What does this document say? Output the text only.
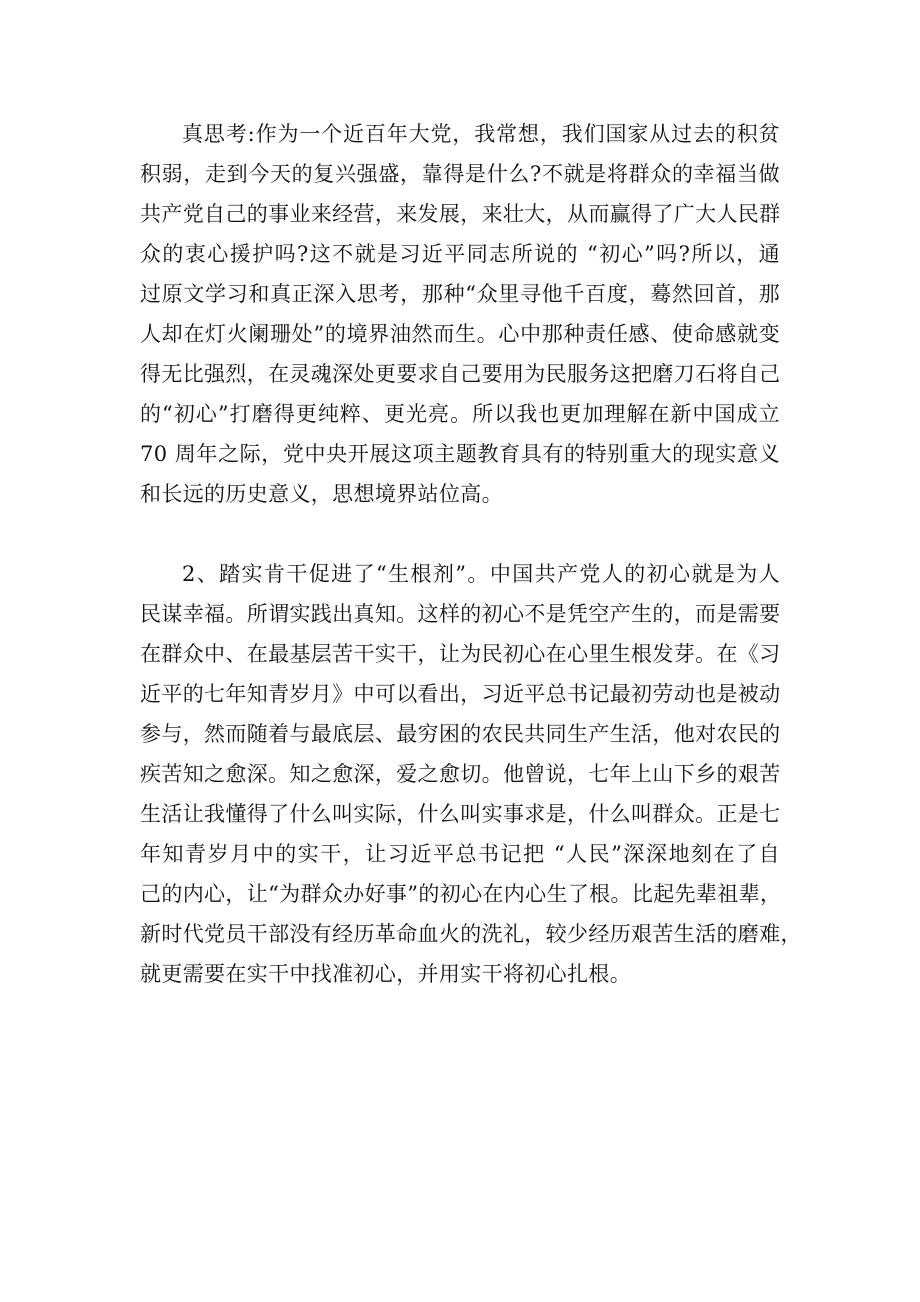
真思考:作为一个近百年大党，我常想，我们国家从过去的积贫
积弱，走到今天的复兴强盛，靠得是什么?不就是将群众的幸福当做
共产党自己的事业来经营，来发展，来壮大，从而赢得了广大人民群
众的衷心援护吗?这不就是习近平同志所说的 “初心”吗?所以，通
过原文学习和真正深入思考，那种“众里寻他千百度，蓦然回首，那
人却在灯火阑珊处”的境界油然而生。心中那种责任感、使命感就变
得无比强烈，在灵魂深处更要求自己要用为民服务这把磨刀石将自己
的“初心”打磨得更纯粹、更光亮。所以我也更加理解在新中国成立
70 周年之际，党中央开展这项主题教育具有的特别重大的现实意义
和长远的历史意义，思想境界站位高。
2、踏实肯干促进了“生根剂”。中国共产党人的初心就是为人
民谋幸福。所谓实践出真知。这样的初心不是凭空产生的，而是需要
在群众中、在最基层苦干实干，让为民初心在心里生根发芽。在《习
近平的七年知青岁月》中可以看出，习近平总书记最初劳动也是被动
参与，然而随着与最底层、最穷困的农民共同生产生活，他对农民的
疾苦知之愈深。知之愈深，爱之愈切。他曾说，七年上山下乡的艰苦
生活让我懂得了什么叫实际，什么叫实事求是，什么叫群众。正是七
年知青岁月中的实干，让习近平总书记把 “人民”深深地刻在了自
己的内心，让“为群众办好事”的初心在内心生了根。比起先辈祖辈，
新时代党员干部没有经历革命血火的洗礼，较少经历艰苦生活的磨难，
就更需要在实干中找准初心，并用实干将初心扎根。
